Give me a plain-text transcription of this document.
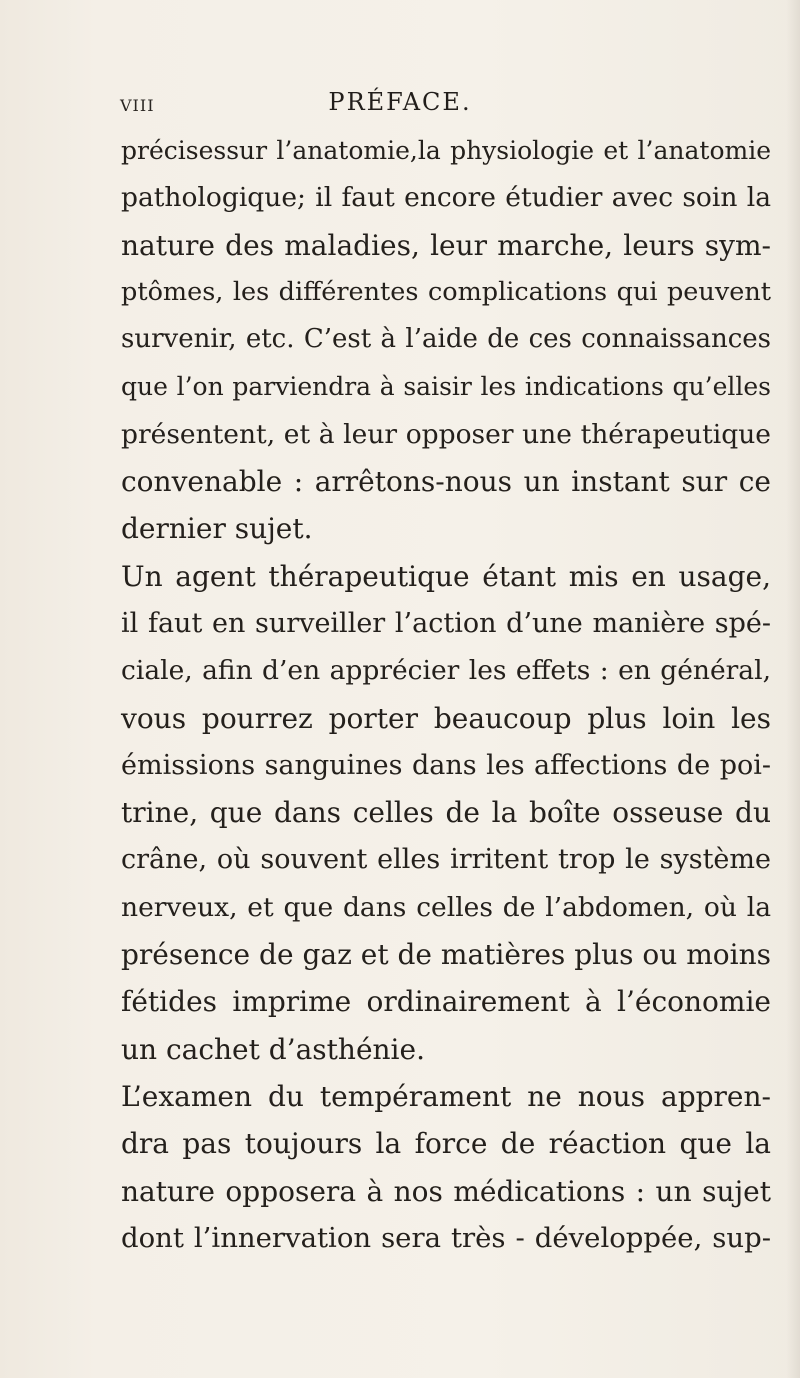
VIII	PRÉFACE.
précisessur l’anatomie,la physiologie et l’anatomie
pathologique; il faut encore étudier avec soin la
nature des maladies, leur marche, leurs sym-
ptômes, les différentes complications qui peuvent
survenir, etc. C’est à l’aide de ces connaissances
que l’on parviendra à saisir les indications qu’elles
présentent, et à leur opposer une thérapeutique
convenable : arrêtons-nous un instant sur ce
dernier sujet.
Un agent thérapeutique étant mis en usage,
il faut en surveiller l’action d’une manière spé-
ciale, afin d’en apprécier les effets : en général,
vous pourrez porter beaucoup plus loin les
émissions sanguines dans les affections de poi-
trine, que dans celles de la boîte osseuse du
crâne, où souvent elles irritent trop le système
nerveux, et que dans celles de l’abdomen, où la
présence de gaz et de matières plus ou moins
fétides imprime ordinairement à l’économie
un cachet d’asthénie.
L’examen du tempérament ne nous appren-
dra pas toujours la force de réaction que la
nature opposera à nos médications : un sujet
dont l’innervation sera très - développée, sup-
